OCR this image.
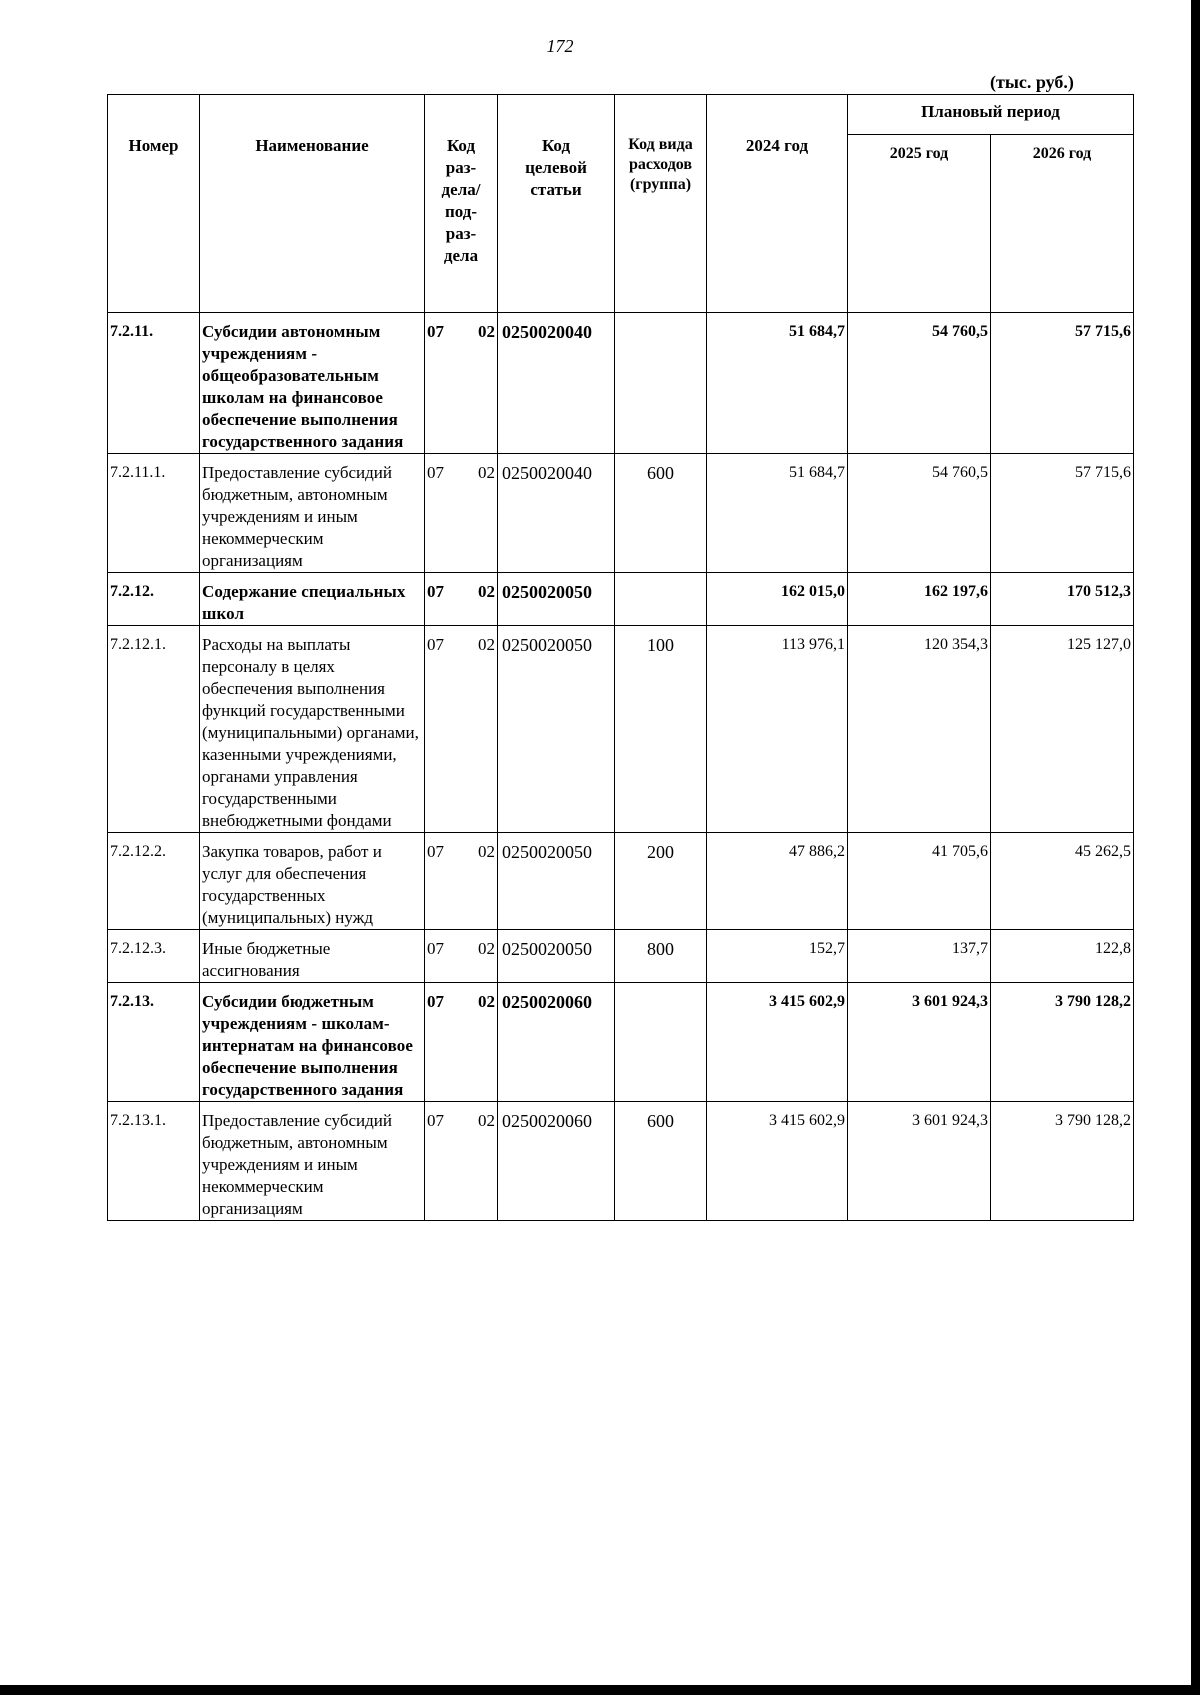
172
(тыс. руб.)
Номер	Наименование	Код раз- дела/ под- раз- дела	Код целевой статьи	Код вида расходов (группа)	2024 год	Плановый период	
						2025 год	2026 год
7.2.11.	Субсидии автономным учреждениям - общеобразовательным школам на финансовое обеспечение выполнения государственного задания	07 02	0250020040		51 684,7	54 760,5	57 715,6
7.2.11.1.	Предоставление субсидий бюджетным, автономным учреждениям и иным некоммерческим организациям	07 02	0250020040	600	51 684,7	54 760,5	57 715,6
7.2.12.	Содержание специальных школ	07 02	0250020050		162 015,0	162 197,6	170 512,3
7.2.12.1.	Расходы на выплаты персоналу в целях обеспечения выполнения функций государственными (муниципальными) органами, казенными учреждениями, органами управления государственными внебюджетными фондами	07 02	0250020050	100	113 976,1	120 354,3	125 127,0
7.2.12.2.	Закупка товаров, работ и услуг для обеспечения государственных (муниципальных) нужд	07 02	0250020050	200	47 886,2	41 705,6	45 262,5
7.2.12.3.	Иные бюджетные ассигнования	07 02	0250020050	800	152,7	137,7	122,8
7.2.13.	Субсидии бюджетным учреждениям - школам-интернатам на финансовое обеспечение выполнения государственного задания	07 02	0250020060		3 415 602,9	3 601 924,3	3 790 128,2
7.2.13.1.	Предоставление субсидий бюджетным, автономным учреждениям и иным некоммерческим организациям	07 02	0250020060	600	3 415 602,9	3 601 924,3	3 790 128,2
